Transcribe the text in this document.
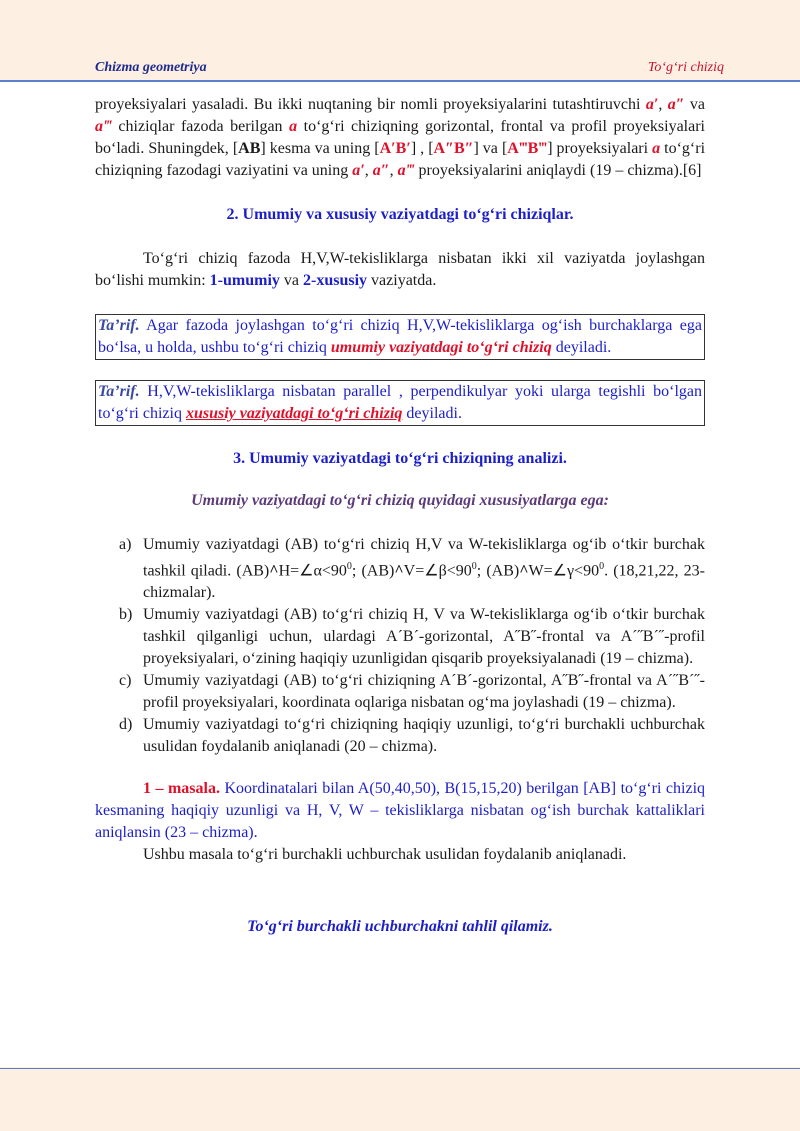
Chizma geometriya	To‘g‘ri chiziq

proyeksiyalari yasaladi. Bu ikki nuqtaning bir nomli proyeksiyalarini tutashtiruvchi a′, a″ va a‴ chiziqlar fazoda berilgan a to‘g‘ri chiziqning gorizontal, frontal va profil proyeksiyalari bo‘ladi. Shuningdek, [AB] kesma va uning [A′B′] , [A″B″] va [A‴B‴] proyeksiyalari a to‘g‘ri chiziqning fazodagi vaziyatini va uning a′, a″, a‴ proyeksiyalarini aniqlaydi (19 – chizma).[6]

2. Umumiy va xususiy vaziyatdagi to‘g‘ri chiziqlar.

To‘g‘ri chiziq fazoda H,V,W-tekisliklarga nisbatan ikki xil vaziyatda joylashgan bo‘lishi mumkin: 1-umumiy va 2-xususiy vaziyatda.

Ta’rif. Agar fazoda joylashgan to‘g‘ri chiziq H,V,W-tekisliklarga og‘ish burchaklarga ega bo‘lsa, u holda, ushbu to‘g‘ri chiziq umumiy vaziyatdagi to‘g‘ri chiziq deyiladi.
Ta’rif. H,V,W-tekisliklarga nisbatan parallel , perpendikulyar yoki ularga tegishli bo‘lgan to‘g‘ri chiziq xususiy vaziyatdagi to‘g‘ri chiziq deyiladi.
3. Umumiy vaziyatdagi to‘g‘ri chiziqning analizi.
Umumiy vaziyatdagi to‘g‘ri chiziq quyidagi xususiyatlarga ega:
a) Umumiy vaziyatdagi (AB) to‘g‘ri chiziq H,V va W-tekisliklarga og‘ib o‘tkir burchak tashkil qiladi. $(AB)\^{}H=\angle\alpha<90^0$; $(AB)\^{}V=\angle\beta<90^0$; $(AB)\^{}W=\angle\gamma<90^0$. (18,21,22, 23-chizmalar).
b) Umumiy vaziyatdagi (AB) to‘g‘ri chiziq H, V va W-tekisliklarga og‘ib o‘tkir burchak tashkil qilganligi uchun, ulardagi A´B´-gorizontal, A˝B˝-frontal va A´˝B´˝-profil proyeksiyalari, o‘zining haqiqiy uzunligidan qisqarib proyeksiyalanadi (19 – chizma).
c) Umumiy vaziyatdagi (AB) to‘g‘ri chiziqning A´B´-gorizontal, A˝B˝-frontal va A´˝B´˝-profil proyeksiyalari, koordinata oqlariga nisbatan og‘ma joylashadi (19 – chizma).
d) Umumiy vaziyatdagi to‘g‘ri chiziqning haqiqiy uzunligi, to‘g‘ri burchakli uchburchak usulidan foydalanib aniqlanadi (20 – chizma).

1 – masala. Koordinatalari bilan A(50,40,50), B(15,15,20) berilgan [AB] to‘g‘ri chiziq kesmaning haqiqiy uzunligi va H, V, W – tekisliklarga nisbatan og‘ish burchak kattaliklari aniqlansin (23 – chizma).

Ushbu masala to‘g‘ri burchakli uchburchak usulidan foydalanib aniqlanadi.

To‘g‘ri burchakli uchburchakni tahlil qilamiz.
